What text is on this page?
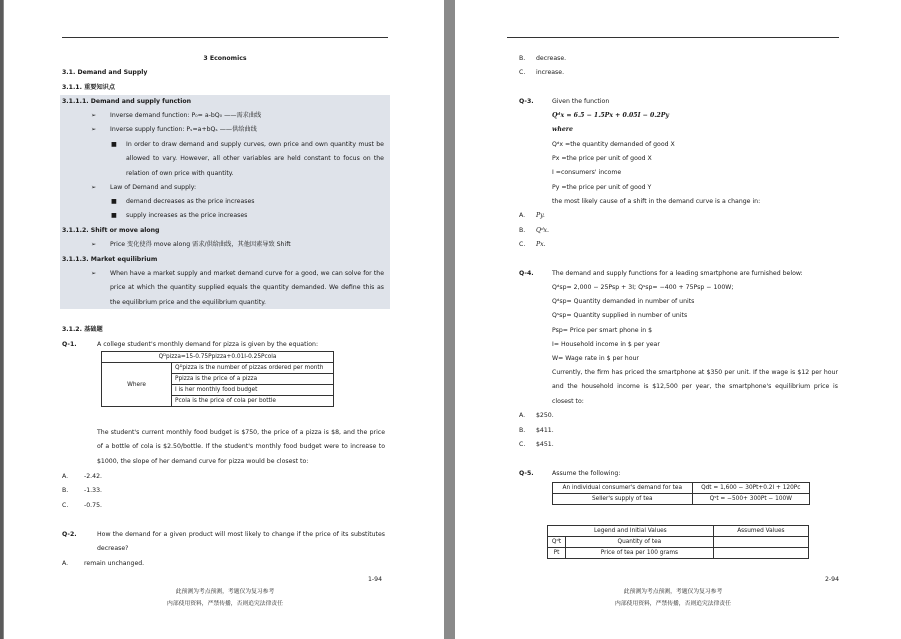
3 Economics
3.1. Demand and Supply
3.1.1. 重要知识点
3.1.1.1. Demand and supply function
➢ Inverse demand function: P₀= a-bQ₀ ——需求曲线
➢ Inverse supply function: Pₛ=a+bQₛ ——供给曲线
■ In order to draw demand and supply curves, own price and own quantity must be allowed to vary. However, all other variables are held constant to focus on the relation of own price with quantity.
➢ Law of Demand and supply:
■ demand decreases as the price increases
■ supply increases as the price increases
3.1.1.2. Shift or move along
➢ Price 变化使得 move along 需求/供给曲线，其他因素导致 Shift
3.1.1.3. Market equilibrium
➢ When have a market supply and market demand curve for a good, we can solve for the price at which the quantity supplied equals the quantity demanded. We define this as the equilibrium price and the equilibrium quantity.
3.1.2. 基础题
Q-1.	A college student's monthly demand for pizza is given by the equation:
Qᴰpizza=15-0.75Ppizza+0.01I-0.25Pcola
Where	Qᴰpizza is the number of pizzas ordered per month
Ppizza is the price of a pizza
I is her monthly food budget
Pcola is the price of cola per bottle
The student's current monthly food budget is $750, the price of a pizza is $8, and the price of a bottle of cola is $2.50/bottle. If the student's monthly food budget were to increase to $1000, the slope of her demand curve for pizza would be closest to:
A.	-2.42.
B.	-1.33.
C.	-0.75.
Q-2.	How the demand for a given product will most likely to change if the price of its substitutes decrease?
A.	remain unchanged.
1-94
此预测为考点预测，考题仅为复习参考
内部使用资料，严禁传播，否则追究法律责任
B. decrease.
C. increase.
Q-3.	Given the function
Qᵈx = 6.5 − 1.5Px + 0.05I − 0.2Py
where
Qᵈx =the quantity demanded of good X
Px =the price per unit of good X
I =consumers' income
Py =the price per unit of good Y
the most likely cause of a shift in the demand curve is a change in:
A. Py.
B. Qᵈx.
C. Px.
Q-4.	The demand and supply functions for a leading smartphone are furnished below:
Qᵈsp= 2,000 − 25Psp + 3I; Qˢsp= −400 + 75Psp − 100W;
Qᵈsp= Quantity demanded in number of units
Qˢsp= Quantity supplied in number of units
Psp= Price per smart phone in $
I= Household income in $ per year
W= Wage rate in $ per hour
Currently, the firm has priced the smartphone at $350 per unit. If the wage is $12 per hour and the household income is $12,500 per year, the smartphone's equilibrium price is closest to:
A. $250.
B. $411.
C. $451.
Q-5.	Assume the following:
An individual consumer's demand for tea	Qdt = 1,600 − 30Pt+0.2I + 120Pc
Seller's supply of tea	Qˢt = −500+ 300Pt − 100W
Legend and Initial Values		Assumed Values
Qᵈt	Quantity of tea	
Pt	Price of tea per 100 grams	
2-94
此预测为考点预测，考题仅为复习参考
内部使用资料，严禁传播，否则追究法律责任
